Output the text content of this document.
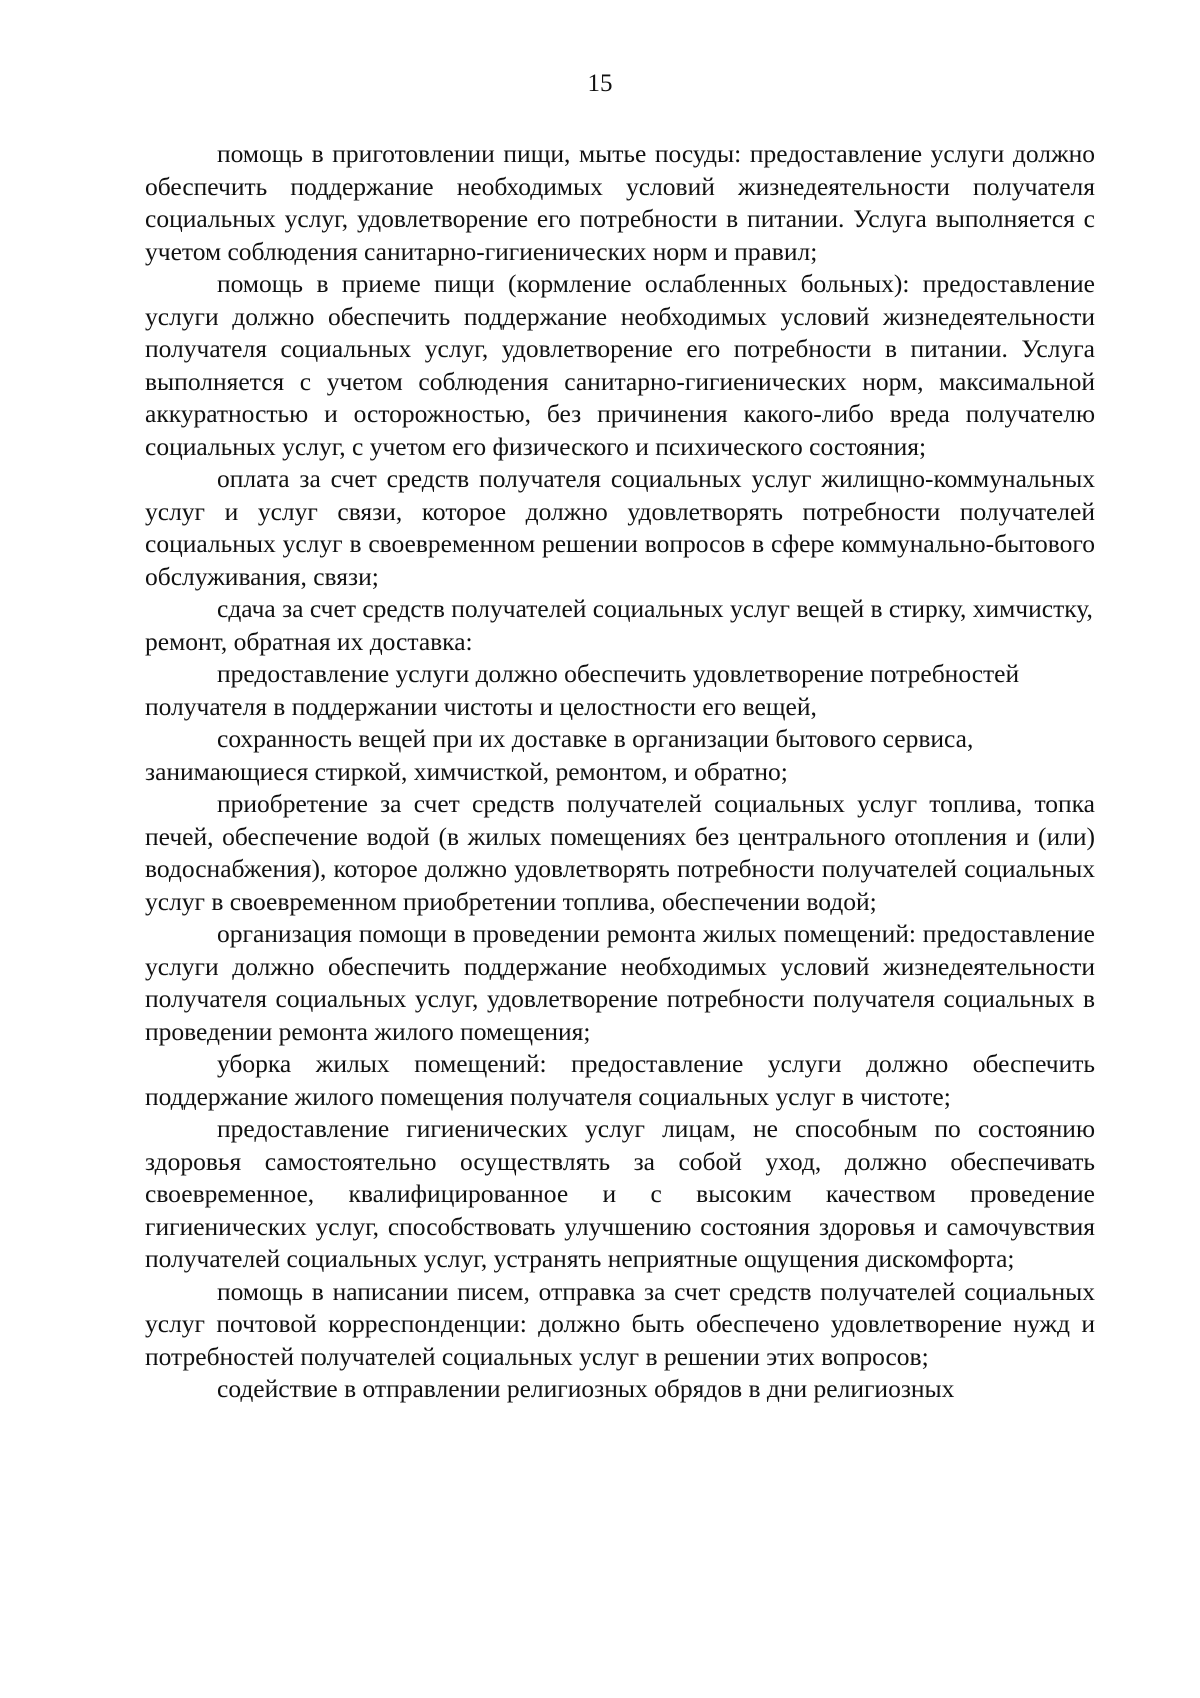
15

помощь в приготовлении пищи, мытье посуды: предоставление услуги должно обеспечить поддержание необходимых условий жизнедеятельности получателя социальных услуг, удовлетворение его потребности в питании. Услуга выполняется с учетом соблюдения санитарно-гигиенических норм и правил;

помощь в приеме пищи (кормление ослабленных больных): предоставление услуги должно обеспечить поддержание необходимых условий жизнедеятельности получателя социальных услуг, удовлетворение его потребности в питании. Услуга выполняется с учетом соблюдения санитарно-гигиенических норм, максимальной аккуратностью и осторожностью, без причинения какого-либо вреда получателю социальных услуг, с учетом его физического и психического состояния;

оплата за счет средств получателя социальных услуг жилищно-коммунальных услуг и услуг связи, которое должно удовлетворять потребности получателей социальных услуг в своевременном решении вопросов в сфере коммунально-бытового обслуживания, связи;

сдача за счет средств получателей социальных услуг вещей в стирку, химчистку, ремонт, обратная их доставка:

предоставление услуги должно обеспечить удовлетворение потребностей получателя в поддержании чистоты и целостности его вещей,

сохранность вещей при их доставке в организации бытового сервиса, занимающиеся стиркой, химчисткой, ремонтом, и обратно;

приобретение за счет средств получателей социальных услуг топлива, топка печей, обеспечение водой (в жилых помещениях без центрального отопления и (или) водоснабжения), которое должно удовлетворять потребности получателей социальных услуг в своевременном приобретении топлива, обеспечении водой;

организация помощи в проведении ремонта жилых помещений: предоставление услуги должно обеспечить поддержание необходимых условий жизнедеятельности получателя социальных услуг, удовлетворение потребности получателя социальных в проведении ремонта жилого помещения;

уборка жилых помещений: предоставление услуги должно обеспечить поддержание жилого помещения получателя социальных услуг в чистоте;

предоставление гигиенических услуг лицам, не способным по состоянию здоровья самостоятельно осуществлять за собой уход, должно обеспечивать своевременное, квалифицированное и с высоким качеством проведение гигиенических услуг, способствовать улучшению состояния здоровья и самочувствия получателей социальных услуг, устранять неприятные ощущения дискомфорта;

помощь в написании писем, отправка за счет средств получателей социальных услуг почтовой корреспонденции: должно быть обеспечено удовлетворение нужд и потребностей получателей социальных услуг в решении этих вопросов;

содействие в отправлении религиозных обрядов в дни религиозных
